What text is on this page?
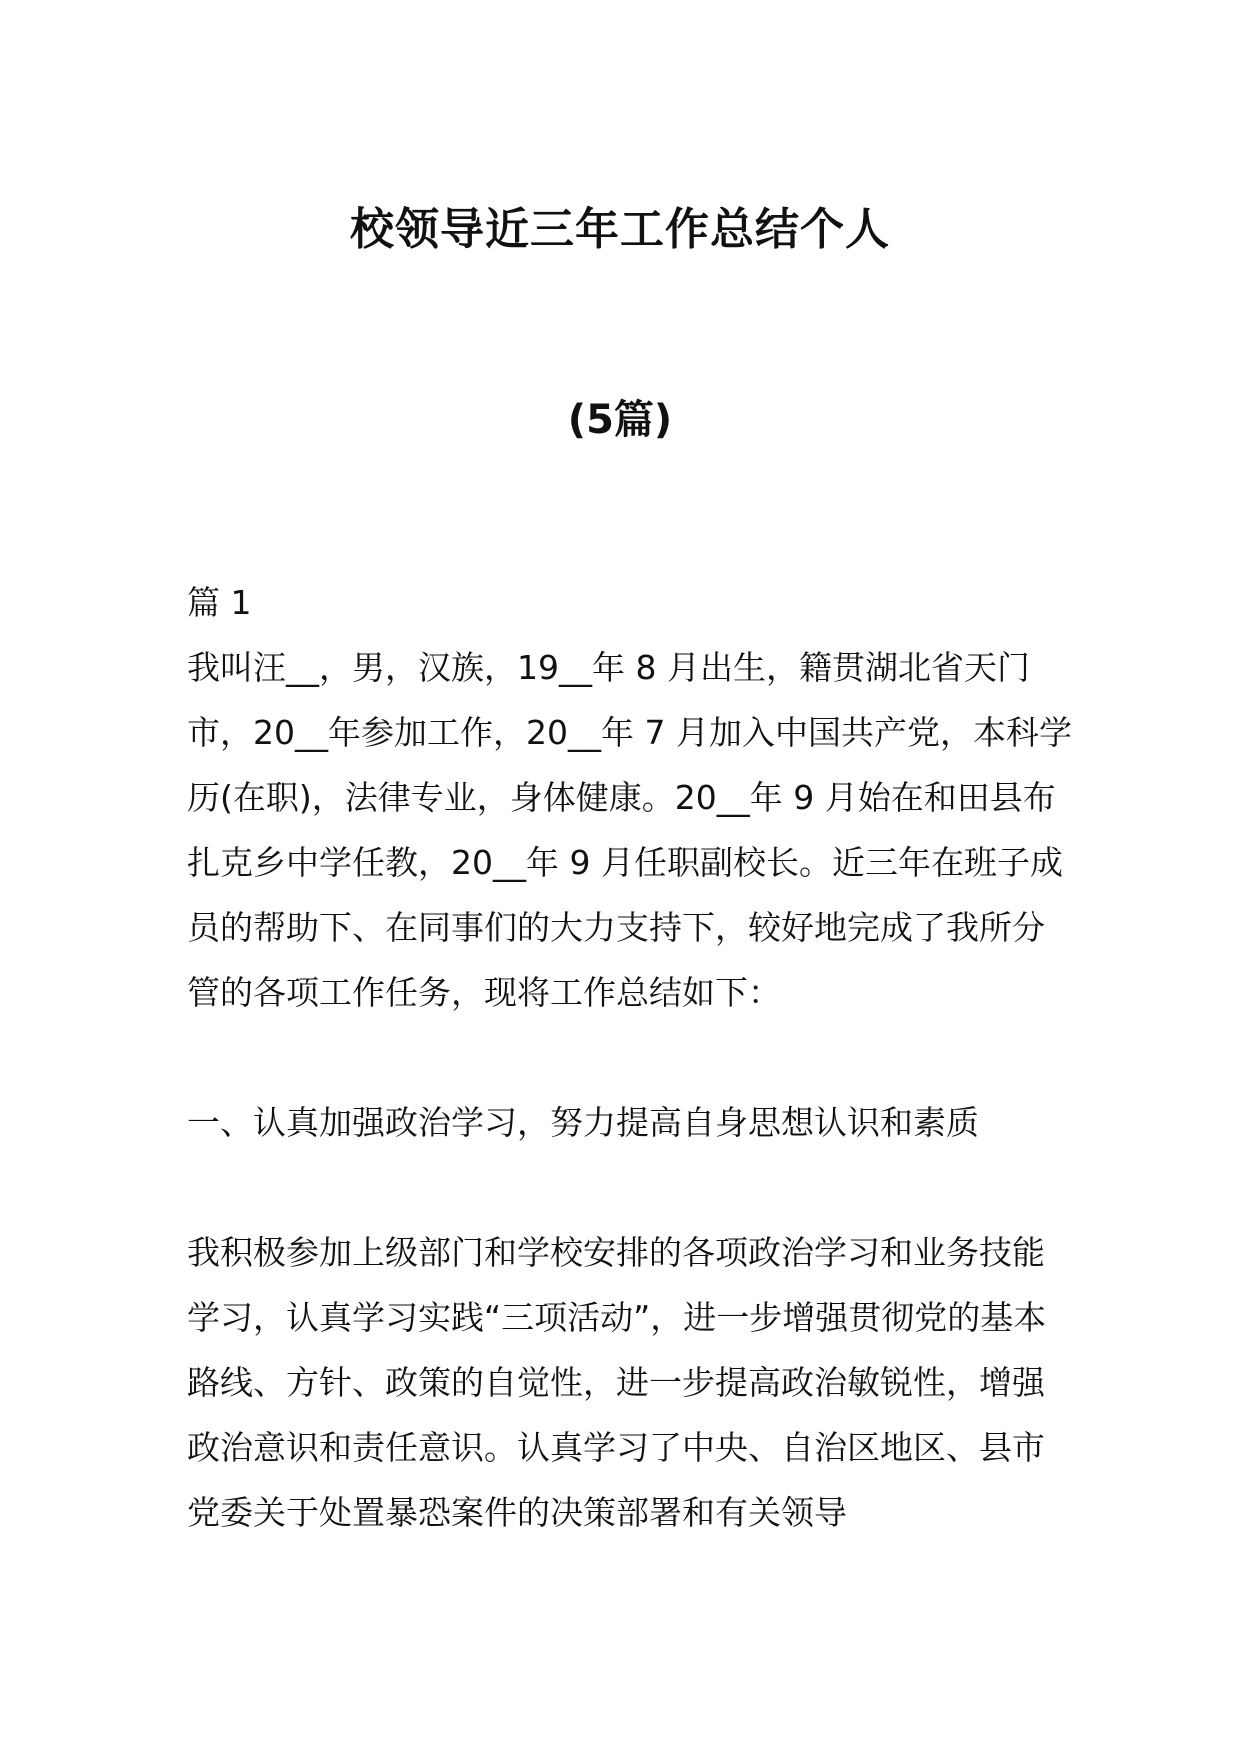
校领导近三年工作总结个人
(5篇)

篇 1

我叫汪__，男，汉族，19__年 8 月出生，籍贯湖北省天门市，20__年参加工作，20__年 7 月加入中国共产党，本科学历(在职)，法律专业，身体健康。20__年 9 月始在和田县布扎克乡中学任教，20__年 9 月任职副校长。近三年在班子成员的帮助下、在同事们的大力支持下，较好地完成了我所分管的各项工作任务，现将工作总结如下：

一、认真加强政治学习，努力提高自身思想认识和素质

我积极参加上级部门和学校安排的各项政治学习和业务技能学习，认真学习实践“三项活动”，进一步增强贯彻党的基本路线、方针、政策的自觉性，进一步提高政治敏锐性，增强政治意识和责任意识。认真学习了中央、自治区地区、县市党委关于处置暴恐案件的决策部署和有关领导
